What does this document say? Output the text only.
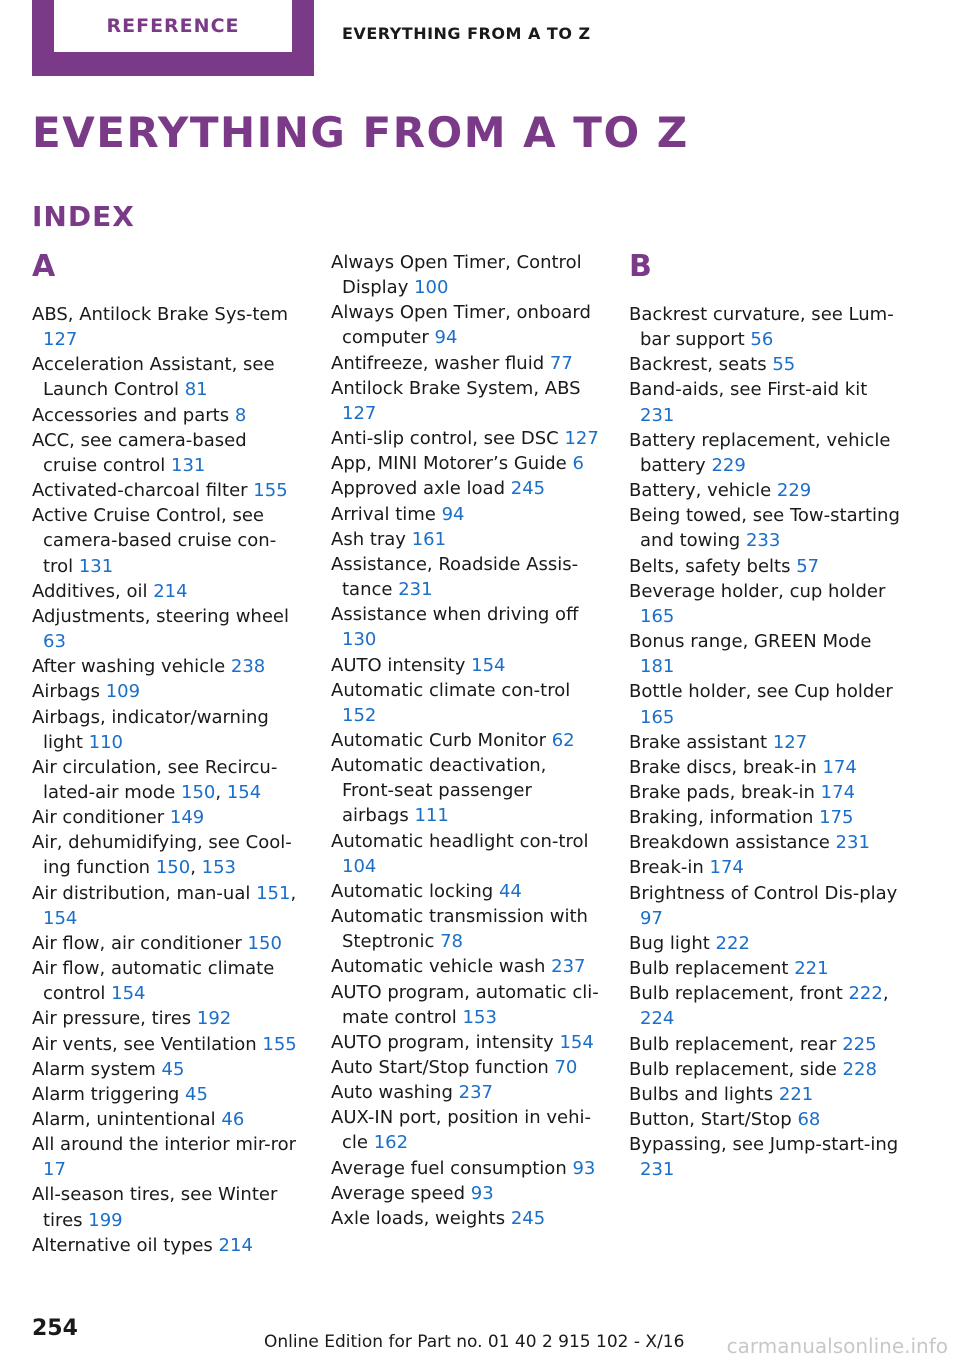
REFERENCE	EVERYTHING FROM A TO Z
EVERYTHING FROM A TO Z
INDEX
A
ABS, Antilock Brake Sys-tem 127
Acceleration Assistant, see Launch Control 81
Accessories and parts 8
ACC, see camera-based cruise control 131
Activated-charcoal filter 155
Active Cruise Control, see camera-based cruise con-trol 131
Additives, oil 214
Adjustments, steering wheel 63
After washing vehicle 238
Airbags 109
Airbags, indicator/warning light 110
Air circulation, see Recircu-lated-air mode 150, 154
Air conditioner 149
Air, dehumidifying, see Cool-ing function 150, 153
Air distribution, man-ual 151, 154
Air flow, air conditioner 150
Air flow, automatic climate control 154
Air pressure, tires 192
Air vents, see Ventilation 155
Alarm system 45
Alarm triggering 45
Alarm, unintentional 46
All around the interior mir-ror 17
All-season tires, see Winter tires 199
Alternative oil types 214
Always Open Timer, Control Display 100
Always Open Timer, onboard computer 94
Antifreeze, washer fluid 77
Antilock Brake System, ABS 127
Anti-slip control, see DSC 127
App, MINI Motorer’s Guide 6
Approved axle load 245
Arrival time 94
Ash tray 161
Assistance, Roadside Assis-tance 231
Assistance when driving off 130
AUTO intensity 154
Automatic climate con-trol 152
Automatic Curb Monitor 62
Automatic deactivation, Front-seat passenger airbags 111
Automatic headlight con-trol 104
Automatic locking 44
Automatic transmission with Steptronic 78
Automatic vehicle wash 237
AUTO program, automatic cli-mate control 153
AUTO program, intensity 154
Auto Start/Stop function 70
Auto washing 237
AUX-IN port, position in vehi-cle 162
Average fuel consumption 93
Average speed 93
Axle loads, weights 245
B
Backrest curvature, see Lum-bar support 56
Backrest, seats 55
Band-aids, see First-aid kit 231
Battery replacement, vehicle battery 229
Battery, vehicle 229
Being towed, see Tow-starting and towing 233
Belts, safety belts 57
Beverage holder, cup holder 165
Bonus range, GREEN Mode 181
Bottle holder, see Cup holder 165
Brake assistant 127
Brake discs, break-in 174
Brake pads, break-in 174
Braking, information 175
Breakdown assistance 231
Break-in 174
Brightness of Control Dis-play 97
Bug light 222
Bulb replacement 221
Bulb replacement, front 222, 224
Bulb replacement, rear 225
Bulb replacement, side 228
Bulbs and lights 221
Button, Start/Stop 68
Bypassing, see Jump-start-ing 231
254
Online Edition for Part no. 01 40 2 915 102 - X/16 carmanualsonline.info
